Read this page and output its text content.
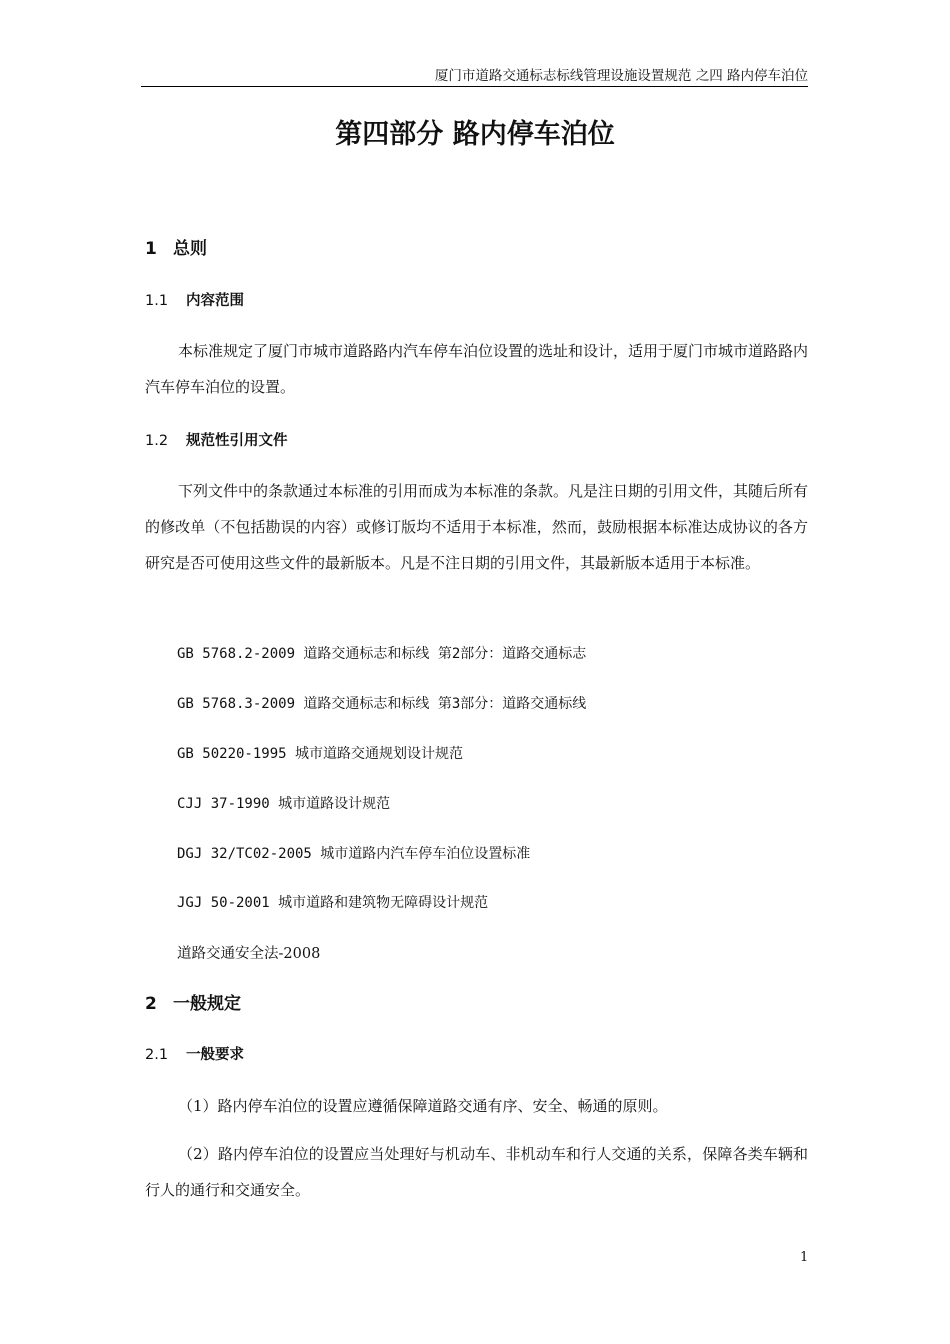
厦门市道路交通标志标线管理设施设置规范 之四 路内停车泊位
第四部分 路内停车泊位
1 总则
1.1 内容范围
本标准规定了厦门市城市道路路内汽车停车泊位设置的选址和设计，适用于厦门市城市道路路内汽车停车泊位的设置。
1.2 规范性引用文件
下列文件中的条款通过本标准的引用而成为本标准的条款。凡是注日期的引用文件，其随后所有的修改单（不包括勘误的内容）或修订版均不适用于本标准，然而，鼓励根据本标准达成协议的各方研究是否可使用这些文件的最新版本。凡是不注日期的引用文件，其最新版本适用于本标准。
GB 5768.2-2009 道路交通标志和标线 第2部分：道路交通标志
GB 5768.3-2009 道路交通标志和标线 第3部分：道路交通标线
GB 50220-1995 城市道路交通规划设计规范
CJJ 37-1990 城市道路设计规范
DGJ 32/TC02-2005 城市道路内汽车停车泊位设置标准
JGJ 50-2001 城市道路和建筑物无障碍设计规范
道路交通安全法-2008
2 一般规定
2.1 一般要求
（1）路内停车泊位的设置应遵循保障道路交通有序、安全、畅通的原则。
（2）路内停车泊位的设置应当处理好与机动车、非机动车和行人交通的关系，保障各类车辆和行人的通行和交通安全。
1
